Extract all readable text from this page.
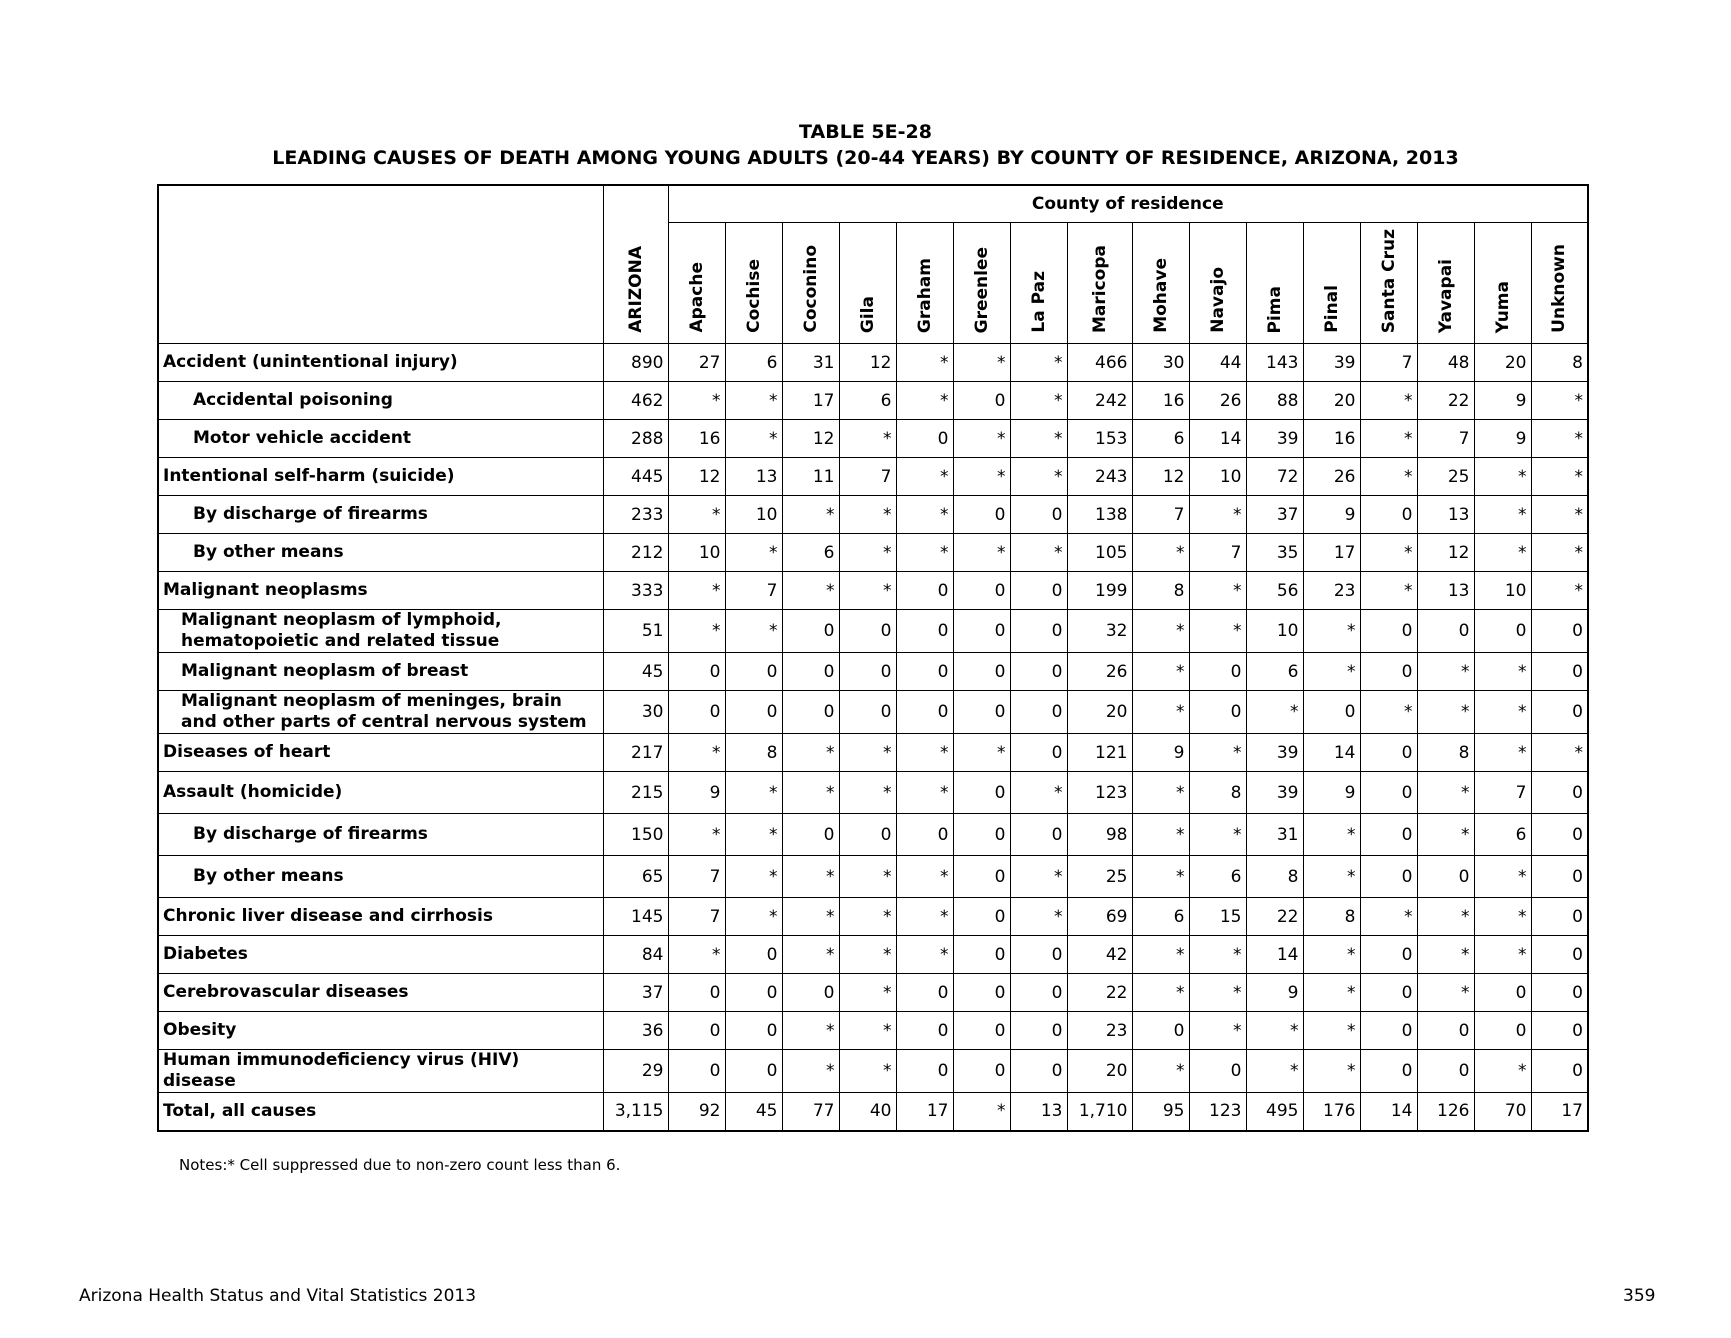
TABLE 5E-28
LEADING CAUSES OF DEATH AMONG YOUNG ADULTS (20-44 YEARS) BY COUNTY OF RESIDENCE, ARIZONA, 2013

	ARIZONA	County of residence															

		Apache	Cochise	Coconino	Gila	Graham	Greenlee	La Paz	Maricopa	Mohave	Navajo	Pima	Pinal	Santa Cruz	Yavapai	Yuma	Unknown

Accident (unintentional injury)	890	27	6	31	12	*	*	*	466	30	44	143	39	7	48	20	8
Accidental poisoning	462	*	*	17	6	*	0	*	242	16	26	88	20	*	22	9	*
Motor vehicle accident	288	16	*	12	*	0	*	*	153	6	14	39	16	*	7	9	*
Intentional self-harm (suicide)	445	12	13	11	7	*	*	*	243	12	10	72	26	*	25	*	*
By discharge of firearms	233	*	10	*	*	*	0	0	138	7	*	37	9	0	13	*	*
By other means	212	10	*	6	*	*	*	*	105	*	7	35	17	*	12	*	*
Malignant neoplasms	333	*	7	*	*	0	0	0	199	8	*	56	23	*	13	10	*
Malignant neoplasm of lymphoid,
hematopoietic and related tissue	51	*	*	0	0	0	0	0	32	*	*	10	*	0	0	0	0
Malignant neoplasm of breast	45	0	0	0	0	0	0	0	26	*	0	6	*	0	*	*	0
Malignant neoplasm of meninges, brain
and other parts of central nervous system	30	0	0	0	0	0	0	0	20	*	0	*	0	*	*	*	0
Diseases of heart	217	*	8	*	*	*	*	0	121	9	*	39	14	0	8	*	*
Assault (homicide)	215	9	*	*	*	*	0	*	123	*	8	39	9	0	*	7	0
By discharge of firearms	150	*	*	0	0	0	0	0	98	*	*	31	*	0	*	6	0
By other means	65	7	*	*	*	*	0	*	25	*	6	8	*	0	0	*	0
Chronic liver disease and cirrhosis	145	7	*	*	*	*	0	*	69	6	15	22	8	*	*	*	0
Diabetes	84	*	0	*	*	*	0	0	42	*	*	14	*	0	*	*	0
Cerebrovascular diseases	37	0	0	0	*	0	0	0	22	*	*	9	*	0	*	0	0
Obesity	36	0	0	*	*	0	0	0	23	0	*	*	*	0	0	0	0
Human immunodeficiency virus (HIV)
disease	29	0	0	*	*	0	0	0	20	*	0	*	*	0	0	*	0
Total, all causes	3,115	92	45	77	40	17	*	13	1,710	95	123	495	176	14	126	70	17
Notes:* Cell suppressed due to non-zero count less than 6.
Arizona Health Status and Vital Statistics 2013	359
